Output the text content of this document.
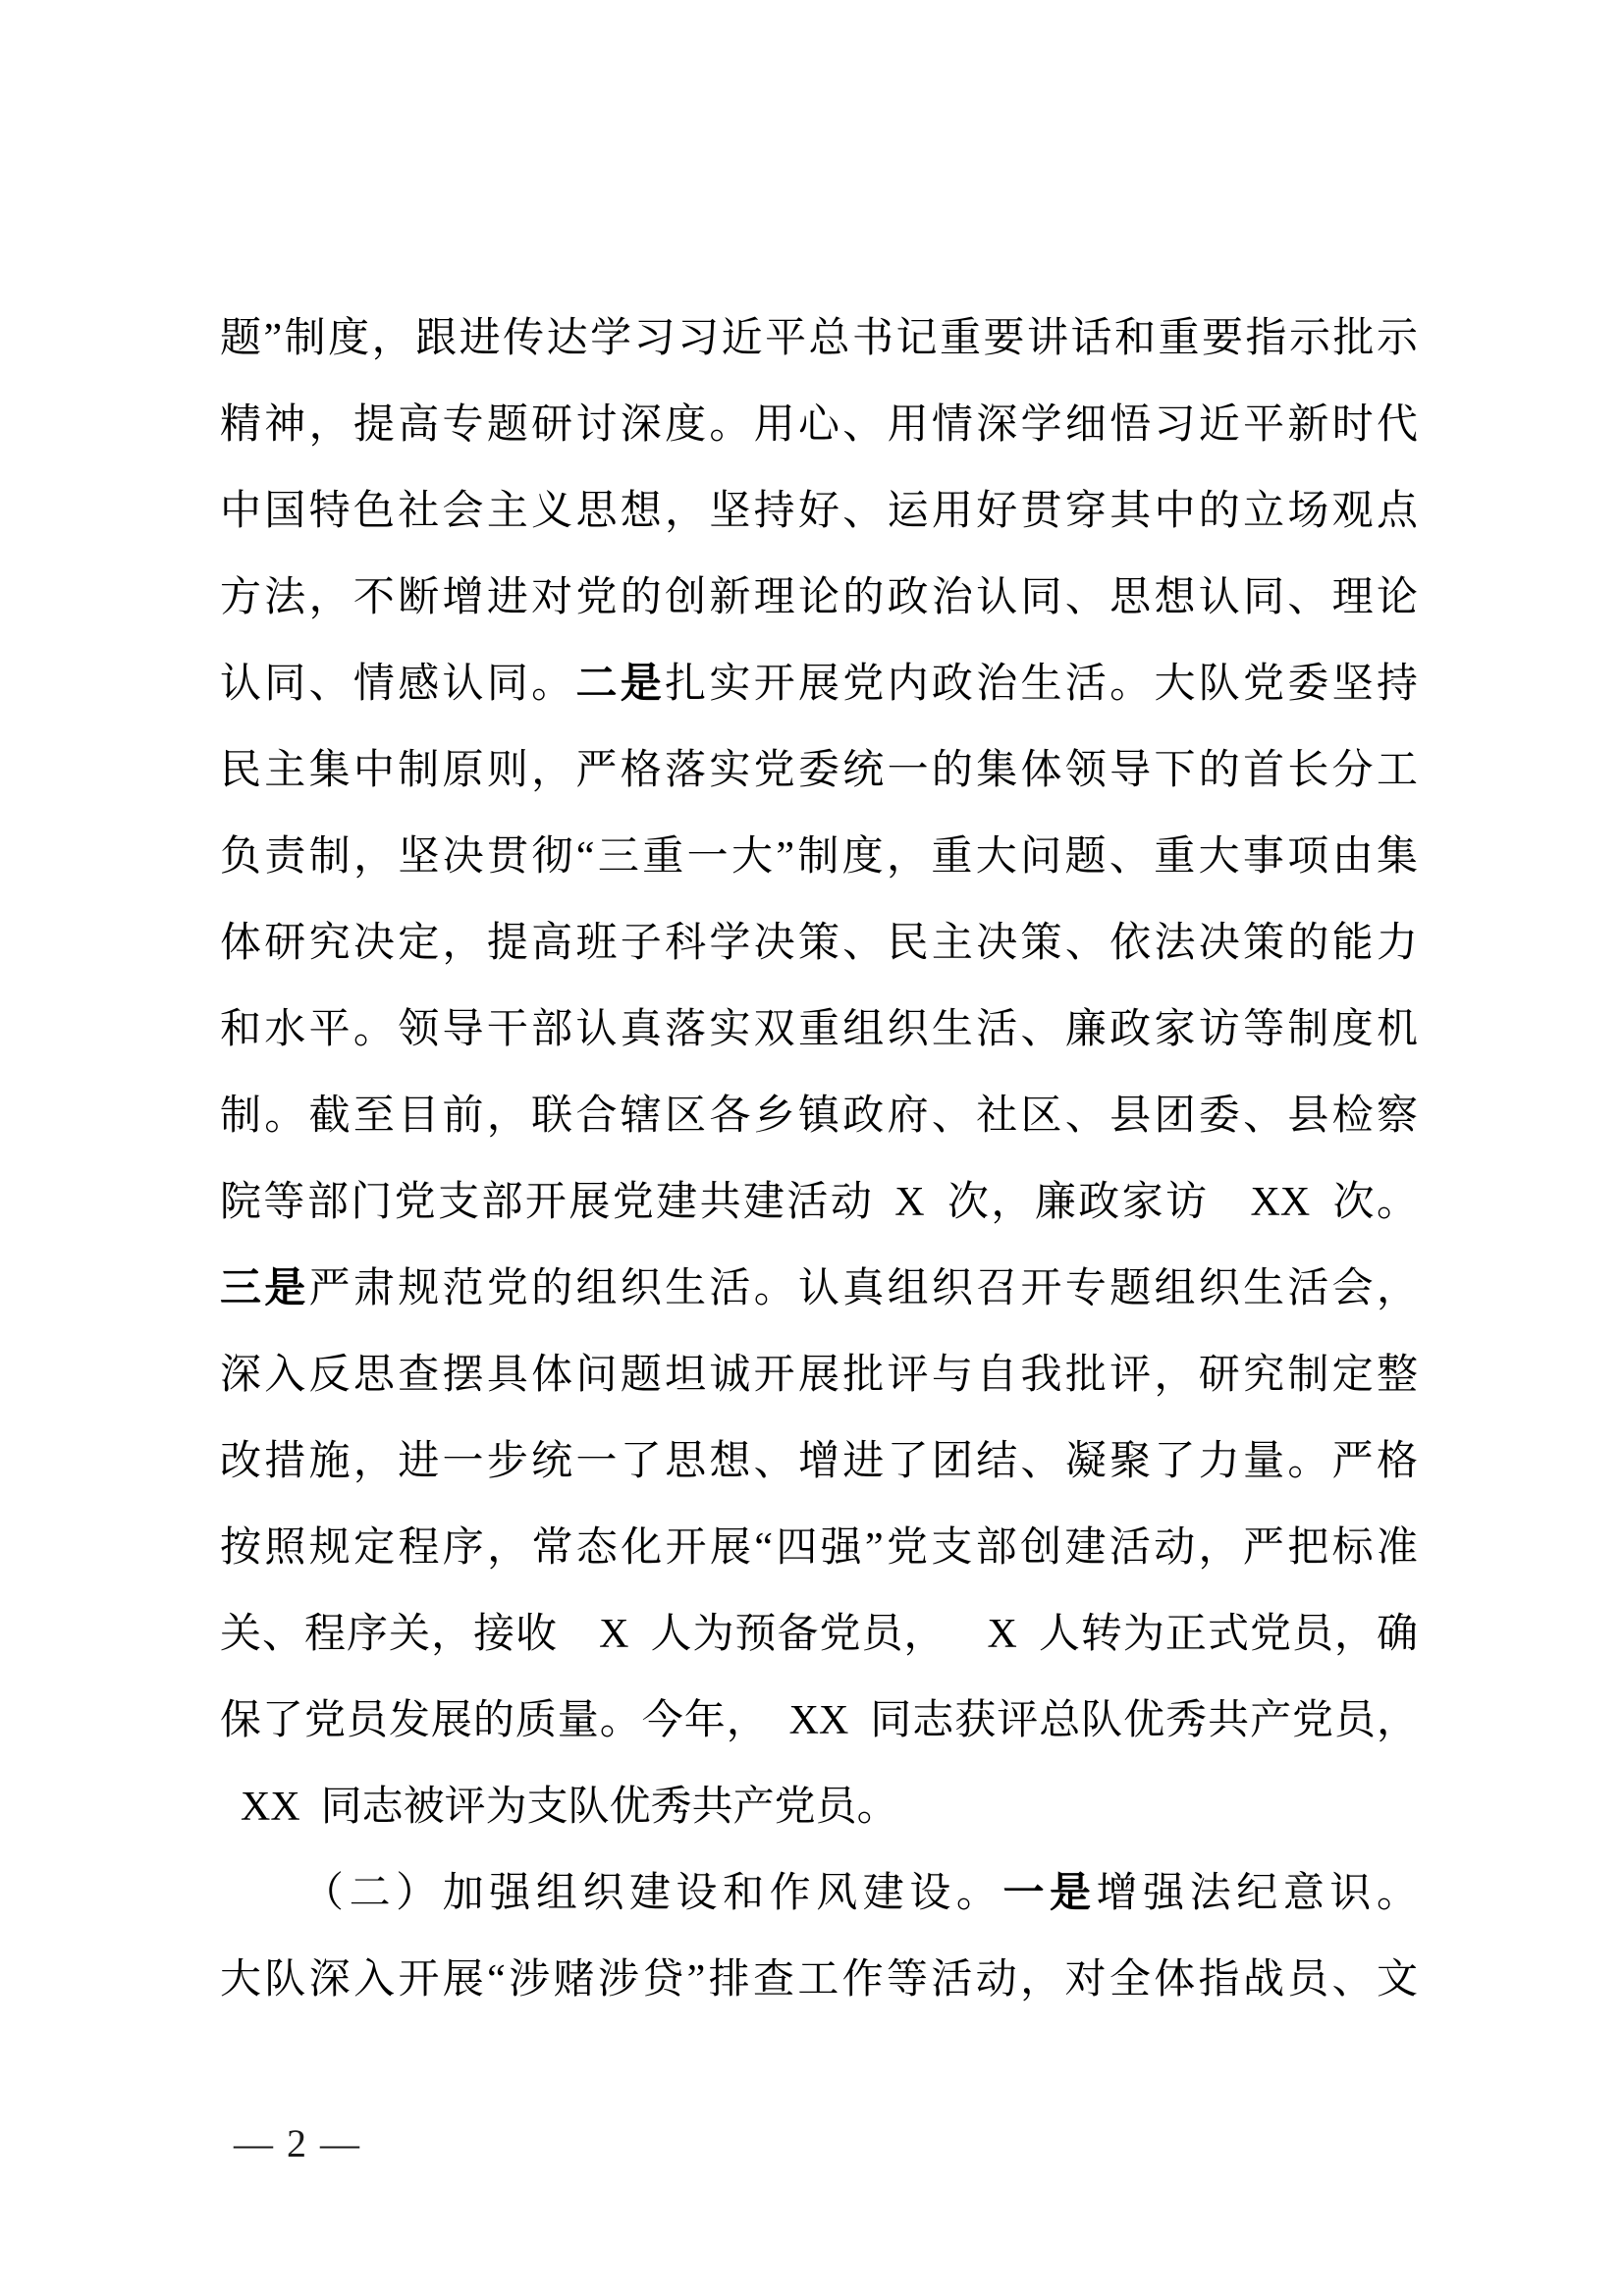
题”制度，跟进传达学习习近平总书记重要讲话和重要指示批示
精神，提高专题研讨深度。用心、用情深学细悟习近平新时代
中国特色社会主义思想，坚持好、运用好贯穿其中的立场观点
方法，不断增进对党的创新理论的政治认同、思想认同、理论
认同、情感认同。二是扎实开展党内政治生活。大队党委坚持
民主集中制原则，严格落实党委统一的集体领导下的首长分工
负责制，坚决贯彻“三重一大”制度，重大问题、重大事项由集
体研究决定，提高班子科学决策、民主决策、依法决策的能力
和水平。领导干部认真落实双重组织生活、廉政家访等制度机
制。截至目前，联合辖区各乡镇政府、社区、县团委、县检察
院等部门党支部开展党建共建活动 X 次，廉政家访  XX 次。
三是严肃规范党的组织生活。认真组织召开专题组织生活会，
深入反思查摆具体问题坦诚开展批评与自我批评，研究制定整
改措施，进一步统一了思想、增进了团结、凝聚了力量。严格
按照规定程序，常态化开展“四强”党支部创建活动，严把标准
关、程序关，接收  X 人为预备党员，  X 人转为正式党员，确
保了党员发展的质量。今年， XX 同志获评总队优秀共产党员，
 XX 同志被评为支队优秀共产党员。
（二）加强组织建设和作风建设。一是增强法纪意识。
大队深入开展“涉赌涉贷”排查工作等活动，对全体指战员、文
— 2 —
